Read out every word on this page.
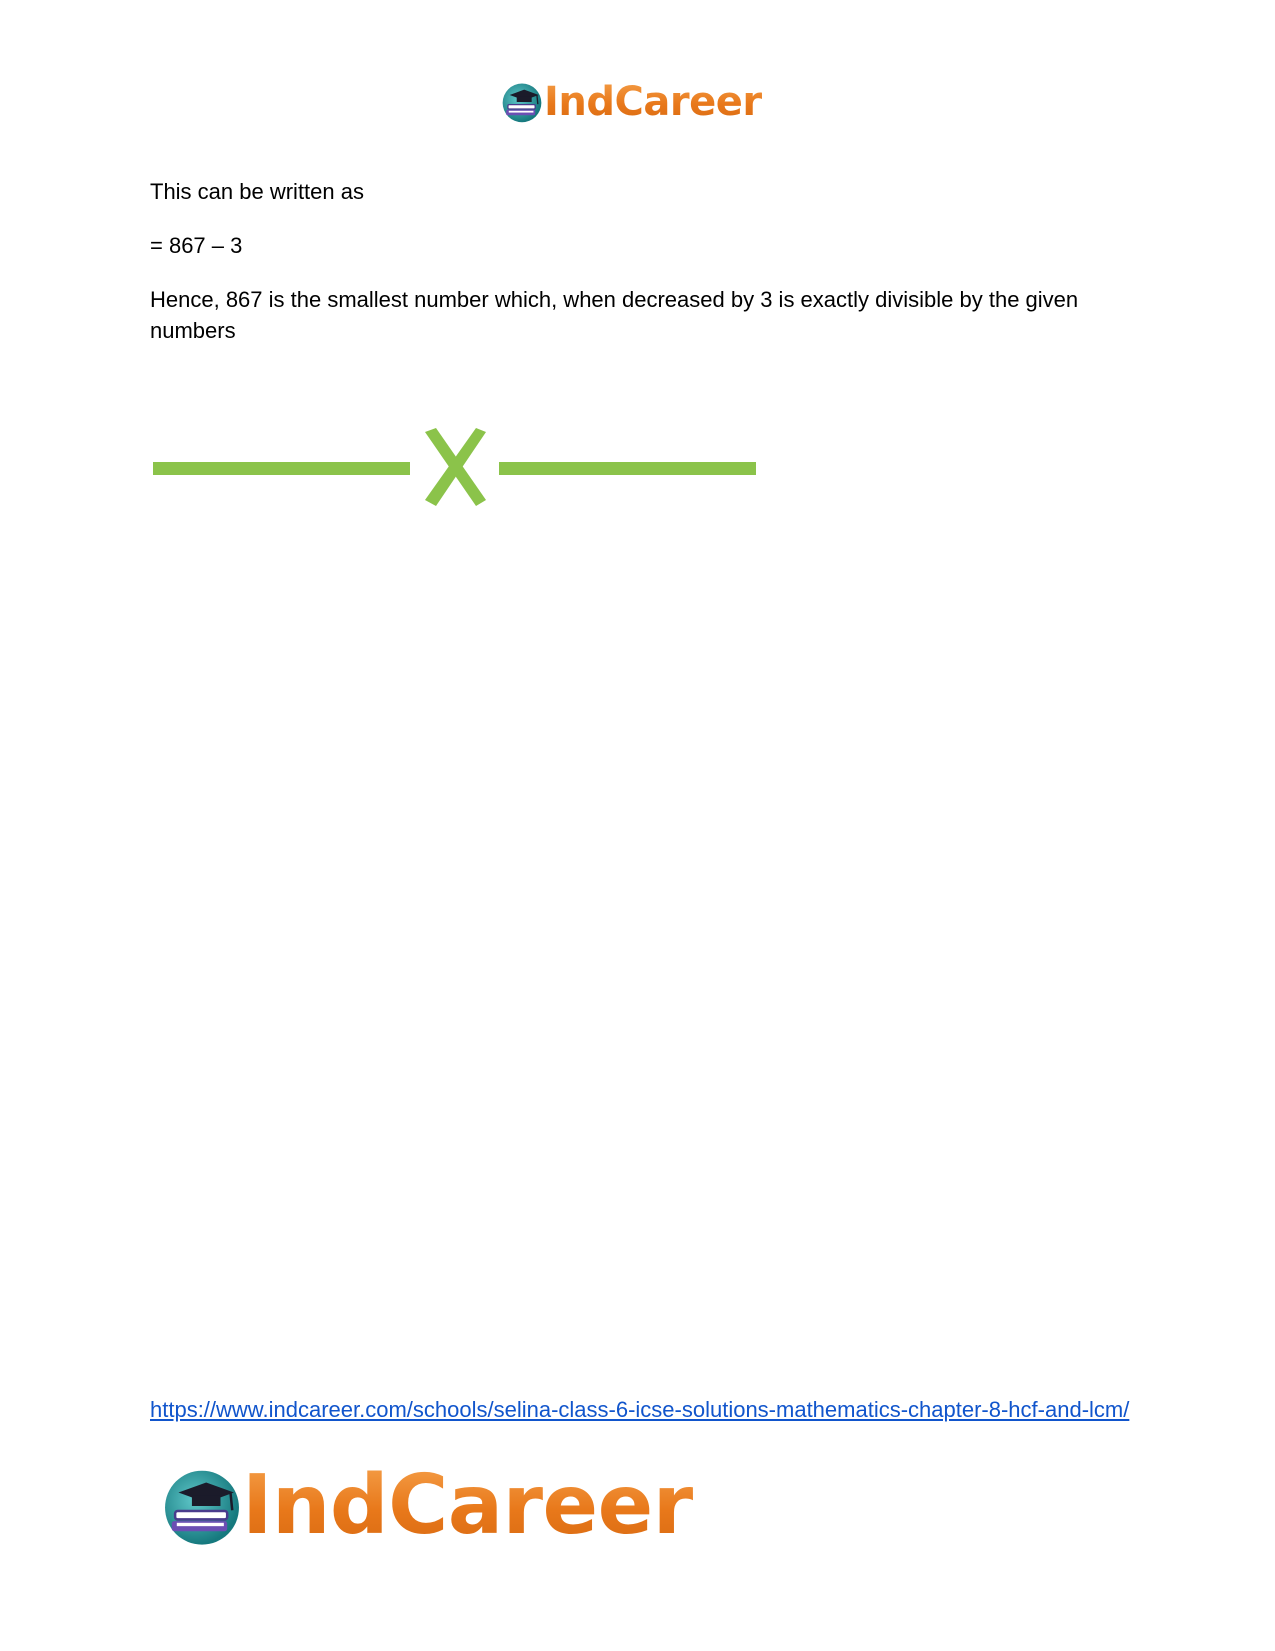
IndCareer

This can be written as

= 867 – 3

Hence, 867 is the smallest number which, when decreased by 3 is exactly divisible by the given numbers

https://www.indcareer.com/schools/selina-class-6-icse-solutions-mathematics-chapter-8-hcf-and-lcm/
IndCareer
